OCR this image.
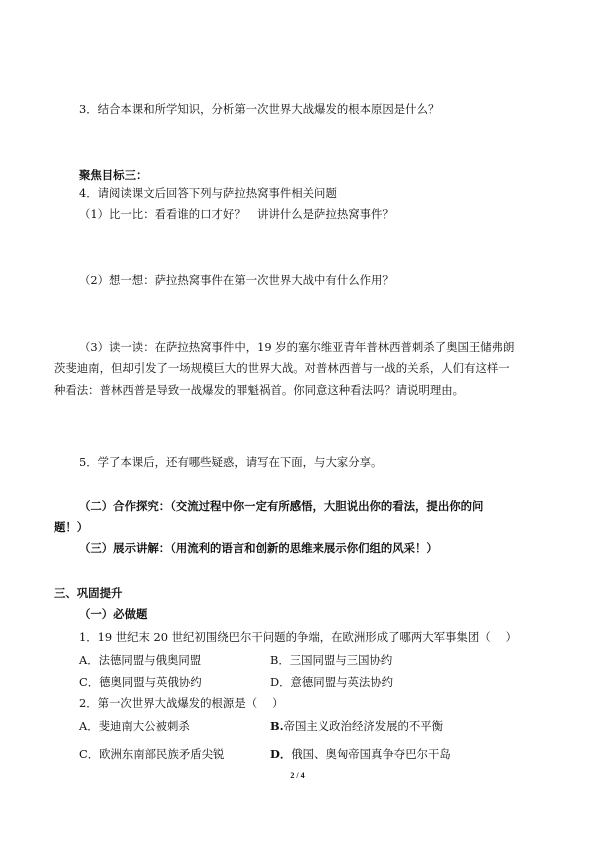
3．结合本课和所学知识，分析第一次世界大战爆发的根本原因是什么？
聚焦目标三：
4．请阅读课文后回答下列与萨拉热窝事件相关问题
（1）比一比：看看谁的口才好？　讲讲什么是萨拉热窝事件？
（2）想一想：萨拉热窝事件在第一次世界大战中有什么作用？
（3）读一读：在萨拉热窝事件中，19 岁的塞尔维亚青年普林西普刺杀了奥国王储弗朗
茨斐迪南，但却引发了一场规模巨大的世界大战。对普林西普与一战的关系，人们有这样一
种看法：普林西普是导致一战爆发的罪魁祸首。你同意这种看法吗？请说明理由。
5．学了本课后，还有哪些疑惑，请写在下面，与大家分享。
（二）合作探究：（交流过程中你一定有所感悟，大胆说出你的看法，提出你的问
题！）
（三）展示讲解：（用流利的语言和创新的思维来展示你们组的风采！）
三、巩固提升
（一）必做题
1．19 世纪末 20 世纪初围绕巴尔干问题的争端，在欧洲形成了哪两大军事集团（　 ）
A．法德同盟与俄奥同盟	B．三国同盟与三国协约
C．德奥同盟与英俄协约	D．意德同盟与英法协约
2．第一次世界大战爆发的根源是（　 ）
A．斐迪南大公被刺杀	B.帝国主义政治经济发展的不平衡
C．欧洲东南部民族矛盾尖锐	D．俄国、奥匈帝国真争夺巴尔干岛
2 / 4
